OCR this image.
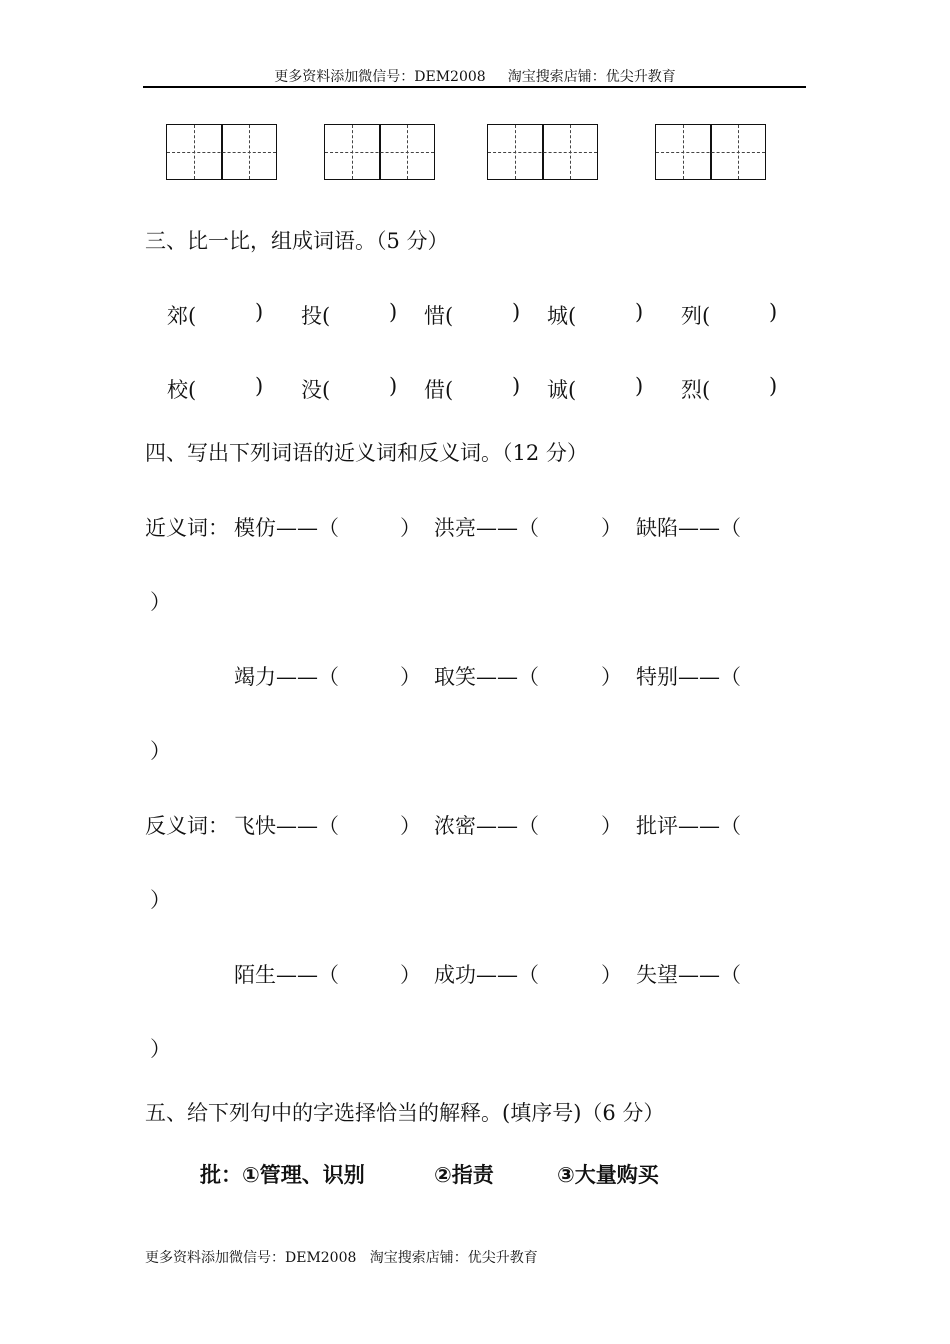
更多资料添加微信号：DEM2008 淘宝搜索店铺：优尖升教育
三、比一比，组成词语。（5 分）
郊(	) 投(	) 惜(	) 城(	) 列(	)
校(	) 没(	) 借(	) 诚(	) 烈(	)
四、写出下列词语的近义词和反义词。（12 分）
近义词： 模仿——（	） 洪亮——（	） 缺陷——（
）
竭力——（	） 取笑——（	） 特别——（
）
反义词： 飞快——（	） 浓密——（	） 批评——（
）
陌生——（	） 成功——（	） 失望——（
）
五、给下列句中的字选择恰当的解释。(填序号)（6 分）
批：①管理、识别	②指责	③大量购买
更多资料添加微信号：DEM2008 淘宝搜索店铺：优尖升教育
